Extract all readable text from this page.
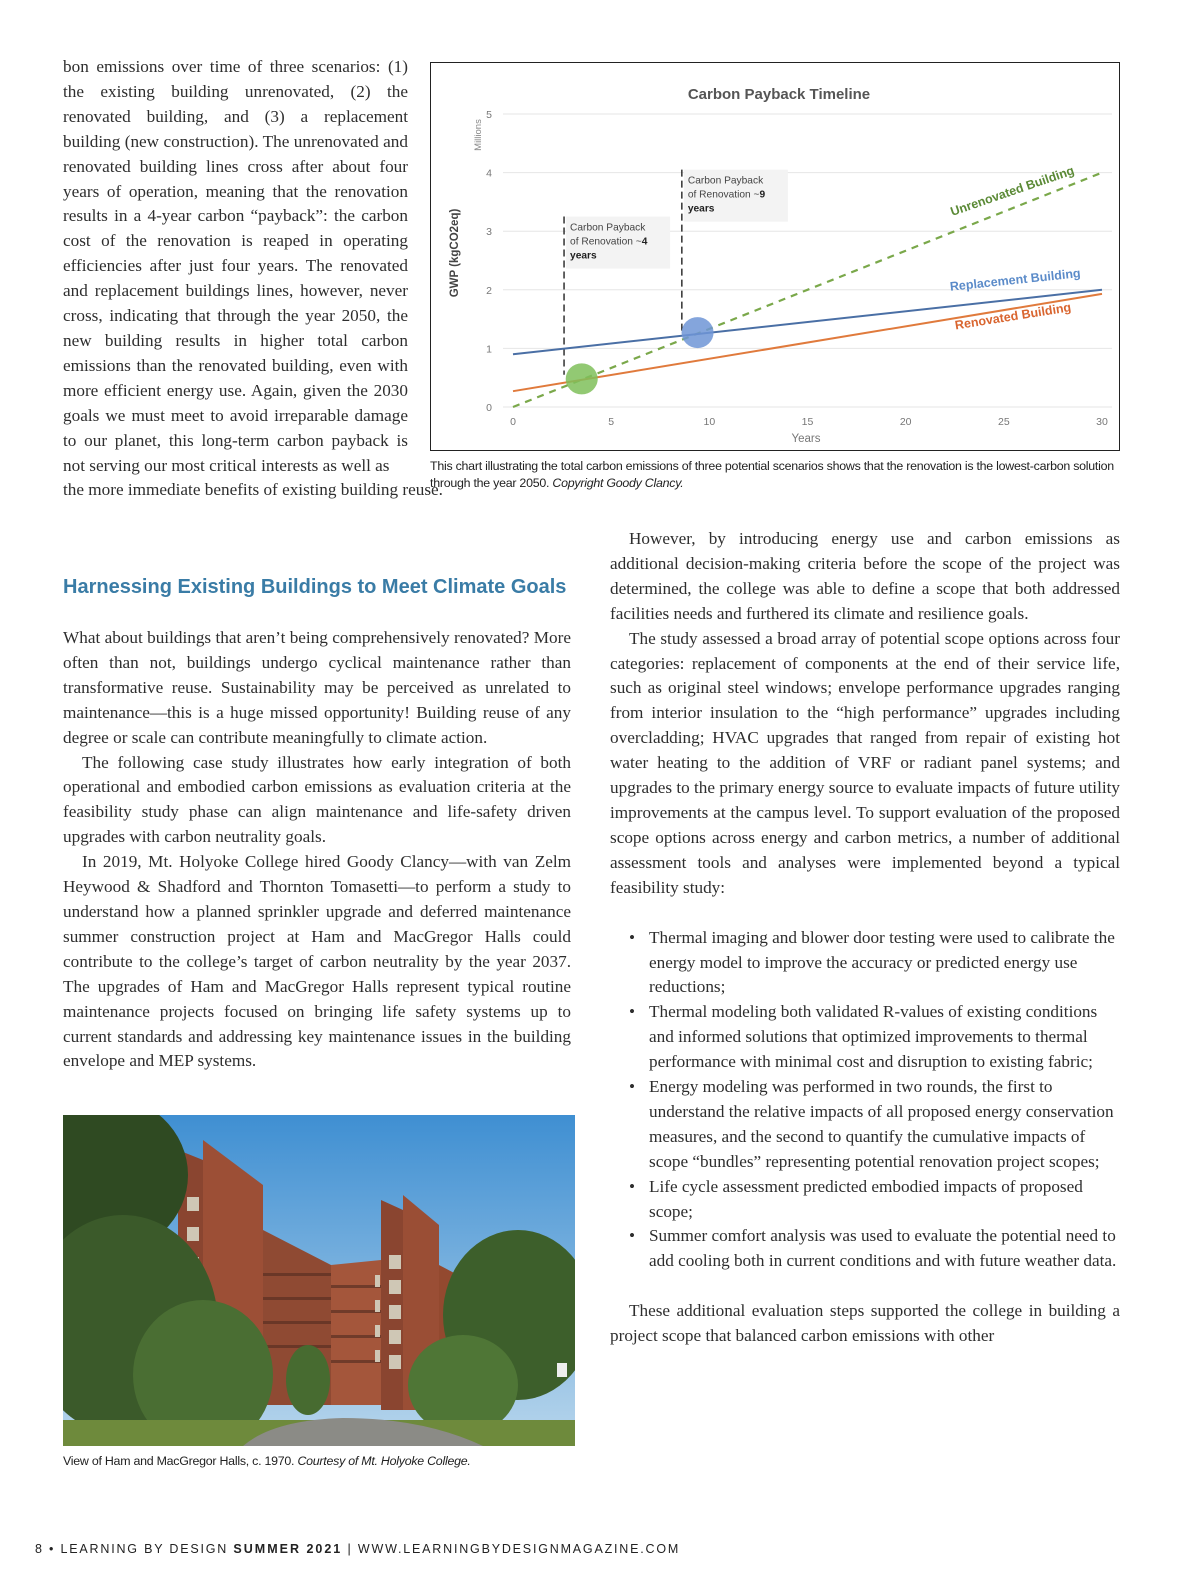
bon emissions over time of three scenarios: (1) the existing building unrenovated, (2) the renovated building, and (3) a replacement building (new construction). The unrenovated and renovated building lines cross after about four years of operation, meaning that the renovation results in a 4-year carbon “payback”: the carbon cost of the renovation is reaped in operating efficiencies after just four years. The renovated and replacement buildings lines, however, never cross, indicating that through the year 2050, the new building results in higher total carbon emissions than the renovated building, even with more efficient energy use. Again, given the 2030 goals we must meet to avoid irreparable damage to our planet, this long-term carbon payback is not serving our most critical interests as well as

the more immediate benefits of existing building reuse.

Carbon Payback Timeline
GWP (kgCO2eq)
Millions
Years
0
1
2
3
4
5
0	5	10	15	20	25	30
Carbon Payback
of Renovation ~4
years
Carbon Payback
of Renovation ~9
years	Unrenovated Building
Replacement Building
Renovated Building
This chart illustrating the total carbon emissions of three potential scenarios shows that the renovation is the lowest-carbon solution through the year 2050. Copyright Goody Clancy.
Harnessing Existing Buildings to Meet Climate Goals

What about buildings that aren’t being comprehensively renovated? More often than not, buildings undergo cyclical maintenance rather than transformative reuse. Sustainability may be perceived as unrelated to maintenance—this is a huge missed opportunity! Building reuse of any degree or scale can contribute meaningfully to climate action.

The following case study illustrates how early integration of both operational and embodied carbon emissions as evaluation criteria at the feasibility study phase can align maintenance and life-safety driven upgrades with carbon neutrality goals.

In 2019, Mt. Holyoke College hired Goody Clancy—with van Zelm Heywood & Shadford and Thornton Tomasetti—to perform a study to understand how a planned sprinkler upgrade and deferred maintenance summer construction project at Ham and MacGregor Halls could contribute to the college’s target of carbon neutrality by the year 2037. The upgrades of Ham and MacGregor Halls represent typical routine maintenance projects focused on bringing life safety systems up to current standards and addressing key maintenance issues in the building envelope and MEP systems.

View of Ham and MacGregor Halls, c. 1970. Courtesy of Mt. Holyoke College.

However, by introducing energy use and carbon emissions as additional decision-making criteria before the scope of the project was determined, the college was able to define a scope that both addressed facilities needs and furthered its climate and resilience goals.

The study assessed a broad array of potential scope options across four categories: replacement of components at the end of their service life, such as original steel windows; envelope performance upgrades ranging from interior insulation to the “high performance” upgrades including overcladding; HVAC upgrades that ranged from repair of existing hot water heating to the addition of VRF or radiant panel systems; and upgrades to the primary energy source to evaluate impacts of future utility improvements at the campus level. To support evaluation of the proposed scope options across energy and carbon metrics, a number of additional assessment tools and analyses were implemented beyond a typical feasibility study:

• Thermal imaging and blower door testing were used to calibrate the energy model to improve the accuracy or predicted energy use reductions;
• Thermal modeling both validated R-values of existing conditions and informed solutions that optimized improvements to thermal performance with minimal cost and disruption to existing fabric;
• Energy modeling was performed in two rounds, the first to understand the relative impacts of all proposed energy conservation measures, and the second to quantify the cumulative impacts of scope “bundles” representing potential renovation project scopes;
• Life cycle assessment predicted embodied impacts of proposed scope;
• Summer comfort analysis was used to evaluate the potential need to add cooling both in current conditions and with future weather data.

These additional evaluation steps supported the college in building a project scope that balanced carbon emissions with other

8 • LEARNING BY DESIGN SUMMER 2021 | WWW.LEARNINGBYDESIGNMAGAZINE.COM
